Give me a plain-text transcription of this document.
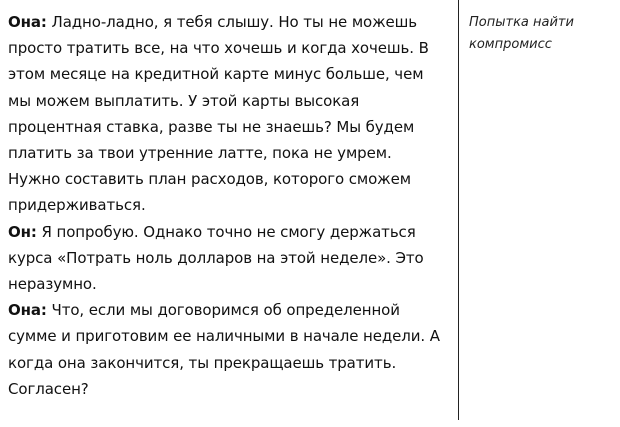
Она: Ладно-ладно, я тебя слышу. Но ты не можешь просто тратить все, на что хочешь и когда хочешь. В этом месяце на кредитной карте минус больше, чем мы можем выплатить. У этой карты высокая процентная ставка, разве ты не знаешь? Мы будем платить за твои утренние латте, пока не умрем. Нужно составить план расходов, которого сможем придерживаться.

Он: Я попробую. Однако точно не смогу держаться курса «Потрать ноль долларов на этой неделе». Это неразумно.

Она: Что, если мы договоримся об определенной сумме и приготовим ее наличными в начале недели. А когда она закончится, ты прекращаешь тратить. Согласен?

Попытка найти компромисс
